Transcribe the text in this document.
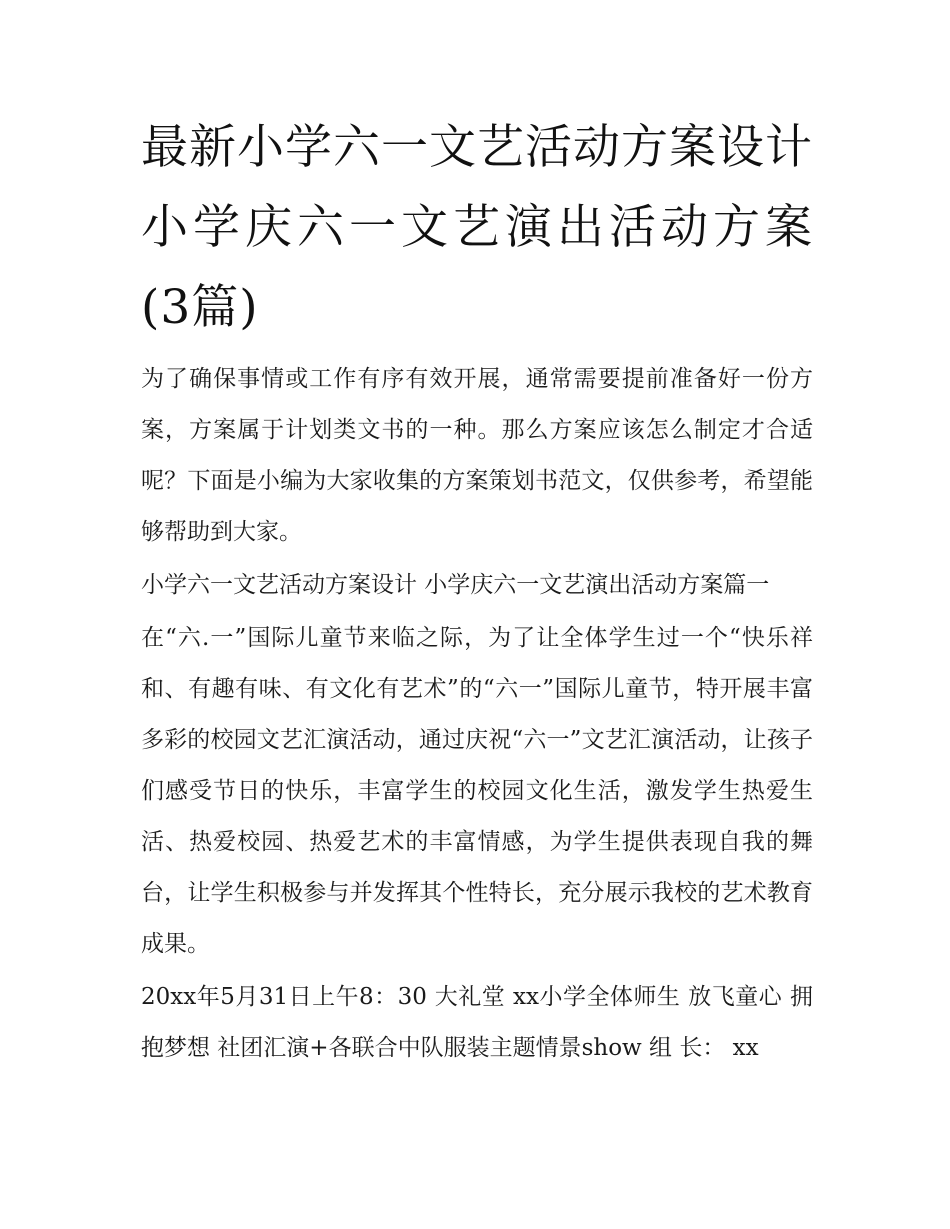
最新小学六一文艺活动方案设计 小学庆六一文艺演出活动方案(3篇)

为了确保事情或工作有序有效开展，通常需要提前准备好一份方案，方案属于计划类文书的一种。那么方案应该怎么制定才合适呢？下面是小编为大家收集的方案策划书范文，仅供参考，希望能够帮助到大家。

小学六一文艺活动方案设计 小学庆六一文艺演出活动方案篇一

在“六.一”国际儿童节来临之际，为了让全体学生过一个“快乐祥和、有趣有味、有文化有艺术”的“六一”国际儿童节，特开展丰富多彩的校园文艺汇演活动，通过庆祝“六一”文艺汇演活动，让孩子们感受节日的快乐，丰富学生的校园文化生活，激发学生热爱生活、热爱校园、热爱艺术的丰富情感，为学生提供表现自我的舞台，让学生积极参与并发挥其个性特长，充分展示我校的艺术教育成果。

20xx年5月31日上午8：30 大礼堂 xx小学全体师生 放飞童心 拥抱梦想 社团汇演+各联合中队服装主题情景show 组 长： xx
